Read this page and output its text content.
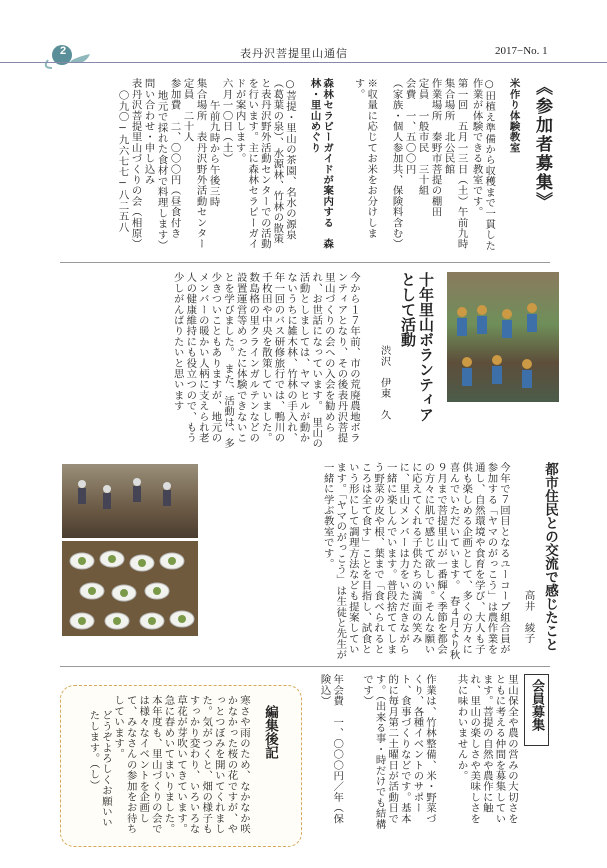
2	表丹沢菩提里山通信	2017−No. 1
《参加者募集》
米作り体験教室
○田植え準備から収穫まで一貫した作業が体験できる教室です。
第一回　五月一三日（土）午前九時
集合場所　北公民館
作業場所　秦野市菩提の棚田
定員　一般市民　三十組
会費　一、五〇〇円
（家族・個人参加共、保険料含む）
※収量に応じてお米をお分けします。
森林セラピーガイドが案内する　森林・里山めぐり
○菩提・里山の茶園、名水の源泉（葛葉の泉）、水源林、竹林の散策と表丹沢野外活動センターでの活動を行います。主に森林セラピーガイドが案内します。
六月一〇日（土）
午前九時から午後三時
集合場所　表丹沢野外活動センター
定員　二十人
参加費　二、〇〇〇円（昼食付き
地元で採れた食材で料理します）
問い合わせ・申し込み
表丹沢菩提里山づくりの会（相原）
〇九〇−九六七七−八二五八
十年里山ボランティアとして活動
渋沢　伊東　久
今から１７年前、市の荒廃農地ボランティアとなり、その後表丹沢菩提里山づくりの会への入会を勧められ、お世話になっています。　里山の活動としましては、ヤマヒルが動かないうちに雑木林、竹林の手入れ、年一回のバス研修旅行では、鴨川の千枚田や中央を散策していました。数島格の里クラインガルテンなどの設置運営等めったに体験できないことを学びました。　また、活動は、多少きついこともありますが、地元のメンバーの暖かい人柄に支えられ老人の健康維持にも役立つので、もう少しがんばりたいと思います
都市住民との交流で感じたこと
高井　綾子
今年で７回目となるユーコープ組合員が参加する「ヤマのがっこう」は農作業を通し、自然環境や食育を学び、大人も子供も楽しめる企画として、多くの方々に喜んでいただいています。　春４月より秋９月まで菩提里山が一番輝く季節を都会の方々に肌で感じて欲しい。そんな願いに応えてくれる子供たちの満面の笑みに、里山メンバーは力をいただきながら一緒に楽しんでいます。普段捨ててしまう野菜の皮や根、葉まで「食べられるところは全て食す」ことを目指し、試食という形にして調理方法なども提案しています。「ヤマのがっこう」は生徒と先生が一緒に学ぶ教室です。
会員募集
里山保全や農の営みの大切さをともに考える仲間を募集しています。菩提の自然や農作に触れ、里山の楽しさや美味しさを共に味わいませんか。
作業は、竹林整備、米・野菜づくり、各種イベントのサポート、食事づくりなどです。基本的に毎月第二土曜日が活動日です。（出来る事・時だけでも結構です）
年会費　一、〇〇〇円／年（保険込）
編集後記
寒さや雨のため、なかなか咲かなかった桜の花ですが、やっとつぼみを開いてくれました。気がつくと、畑の様子もすっかり変わり、いろいろな草花が芽吹いてきています。急に春めいてまいりました。本年度も、里山づくりの会では様々なイベントを企画して、みなさんの参加をお待ちしています。
どうぞよろしくお願いいたします。（し）
